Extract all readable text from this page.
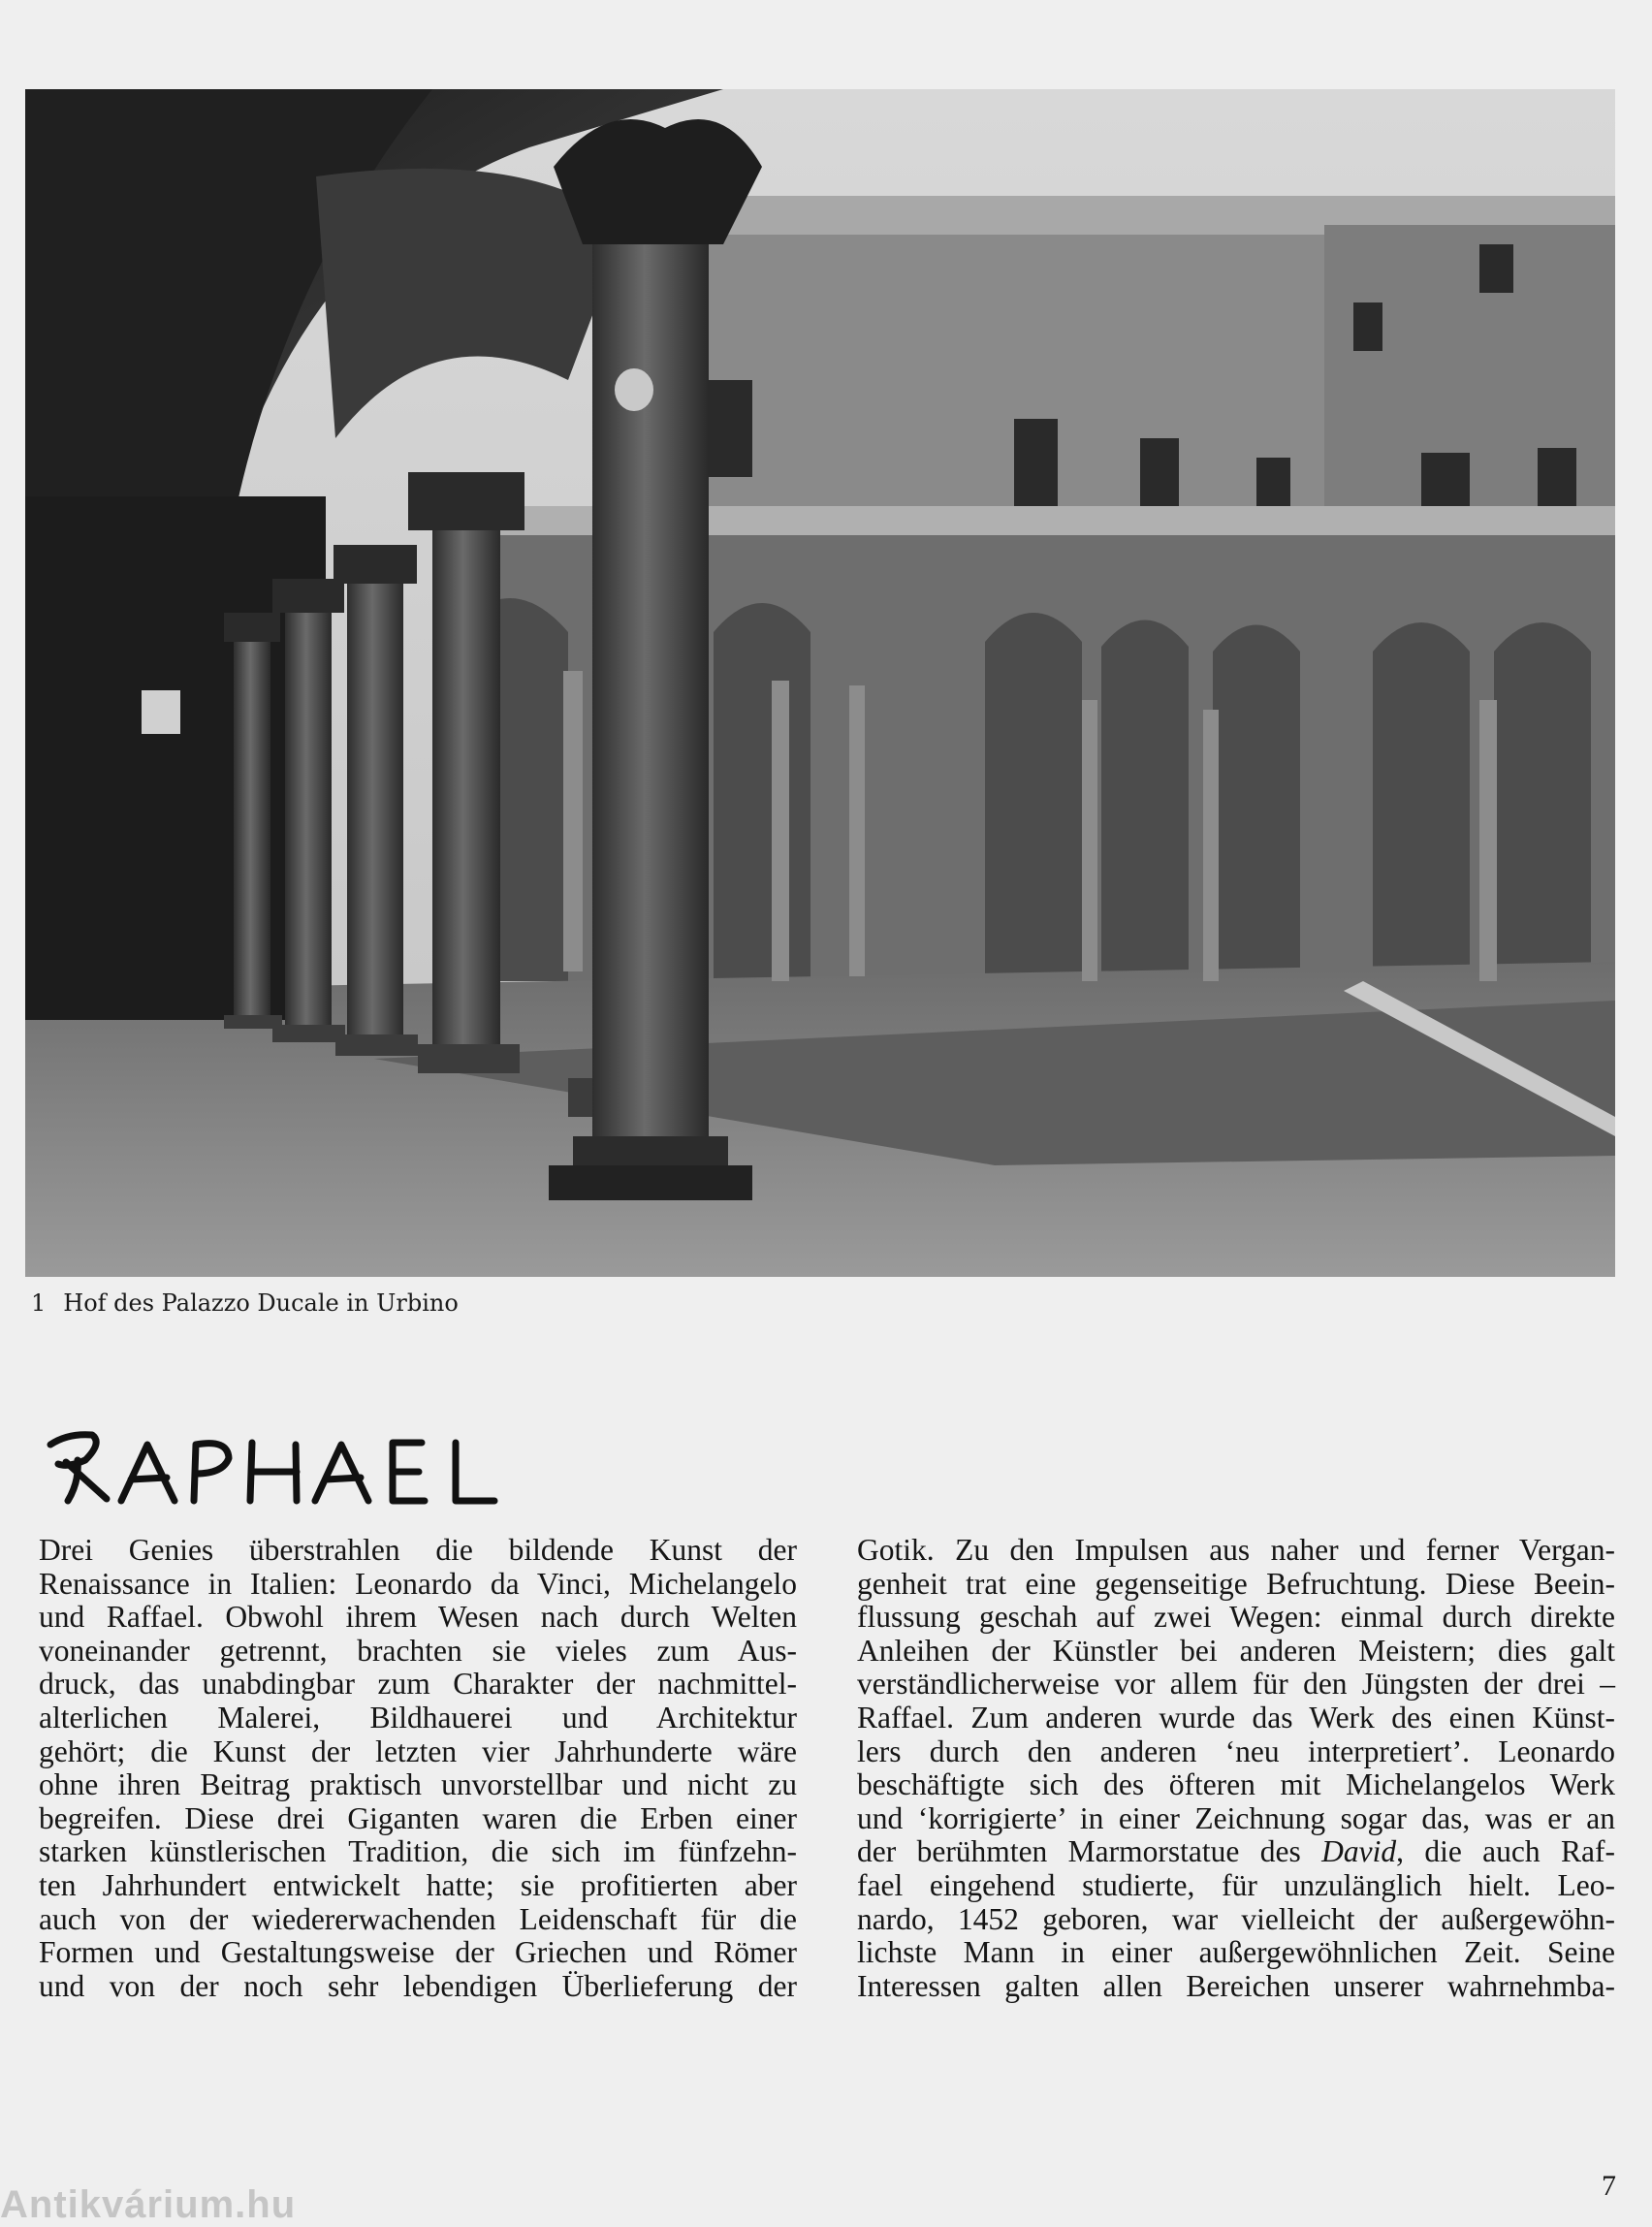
1 Hof des Palazzo Ducale in Urbino
Drei Genies überstrahlen die bildende Kunst der
Renaissance in Italien: Leonardo da Vinci, Michelangelo
und Raffael. Obwohl ihrem Wesen nach durch Welten
voneinander getrennt, brachten sie vieles zum Aus-
druck, das unabdingbar zum Charakter der nachmittel-
alterlichen Malerei, Bildhauerei und Architektur
gehört; die Kunst der letzten vier Jahrhunderte wäre
ohne ihren Beitrag praktisch unvorstellbar und nicht zu
begreifen. Diese drei Giganten waren die Erben einer
starken künstlerischen Tradition, die sich im fünfzehn-
ten Jahrhundert entwickelt hatte; sie profitierten aber
auch von der wiedererwachenden Leidenschaft für die
Formen und Gestaltungsweise der Griechen und Römer
und von der noch sehr lebendigen Überlieferung der
Gotik. Zu den Impulsen aus naher und ferner Vergan-
genheit trat eine gegenseitige Befruchtung. Diese Beein-
flussung geschah auf zwei Wegen: einmal durch direkte
Anleihen der Künstler bei anderen Meistern; dies galt
verständlicherweise vor allem für den Jüngsten der drei –
Raffael. Zum anderen wurde das Werk des einen Künst-
lers durch den anderen ‘neu interpretiert’. Leonardo
beschäftigte sich des öfteren mit Michelangelos Werk
und ‘korrigierte’ in einer Zeichnung sogar das, was er an
der berühmten Marmorstatue des David, die auch Raf-
fael eingehend studierte, für unzulänglich hielt. Leo-
nardo, 1452 geboren, war vielleicht der außergewöhn-
lichste Mann in einer außergewöhnlichen Zeit. Seine
Interessen galten allen Bereichen unserer wahrnehmba-
7
Antikvárium.hu
